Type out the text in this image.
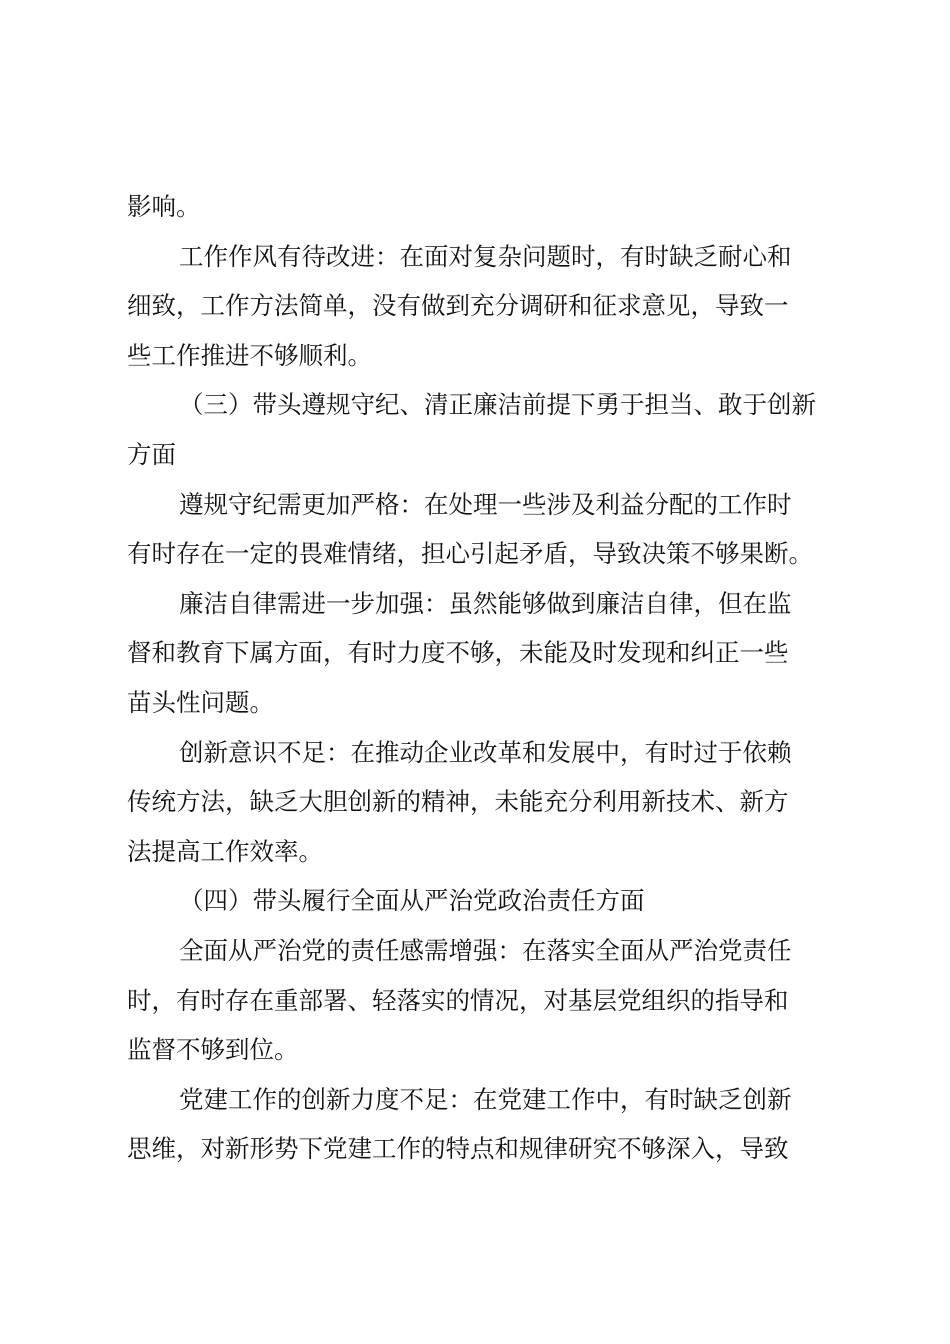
影响。
工作作风有待改进：在面对复杂问题时，有时缺乏耐心和
细致，工作方法简单，没有做到充分调研和征求意见，导致一
些工作推进不够顺利。
（三）带头遵规守纪、清正廉洁前提下勇于担当、敢于创新
方面
遵规守纪需更加严格：在处理一些涉及利益分配的工作时
有时存在一定的畏难情绪，担心引起矛盾，导致决策不够果断。
廉洁自律需进一步加强：虽然能够做到廉洁自律，但在监
督和教育下属方面，有时力度不够，未能及时发现和纠正一些
苗头性问题。
创新意识不足：在推动企业改革和发展中，有时过于依赖
传统方法，缺乏大胆创新的精神，未能充分利用新技术、新方
法提高工作效率。
（四）带头履行全面从严治党政治责任方面
全面从严治党的责任感需增强：在落实全面从严治党责任
时，有时存在重部署、轻落实的情况，对基层党组织的指导和
监督不够到位。
党建工作的创新力度不足：在党建工作中，有时缺乏创新
思维，对新形势下党建工作的特点和规律研究不够深入，导致
